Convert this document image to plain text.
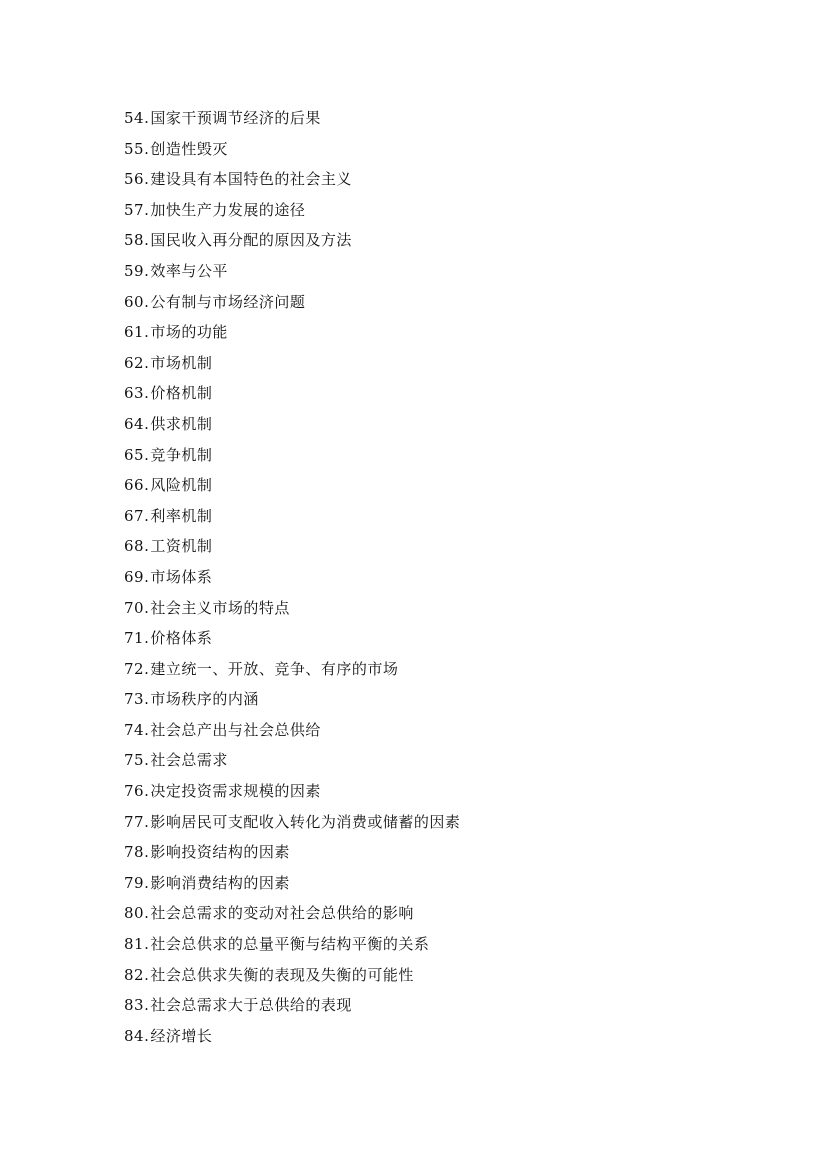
54.国家干预调节经济的后果
55.创造性毁灭
56.建设具有本国特色的社会主义
57.加快生产力发展的途径
58.国民收入再分配的原因及方法
59.效率与公平
60.公有制与市场经济问题
61.市场的功能
62.市场机制
63.价格机制
64.供求机制
65.竞争机制
66.风险机制
67.利率机制
68.工资机制
69.市场体系
70.社会主义市场的特点
71.价格体系
72.建立统一、开放、竞争、有序的市场
73.市场秩序的内涵
74.社会总产出与社会总供给
75.社会总需求
76.决定投资需求规模的因素
77.影响居民可支配收入转化为消费或储蓄的因素
78.影响投资结构的因素
79.影响消费结构的因素
80.社会总需求的变动对社会总供给的影响
81.社会总供求的总量平衡与结构平衡的关系
82.社会总供求失衡的表现及失衡的可能性
83.社会总需求大于总供给的表现
84.经济增长
